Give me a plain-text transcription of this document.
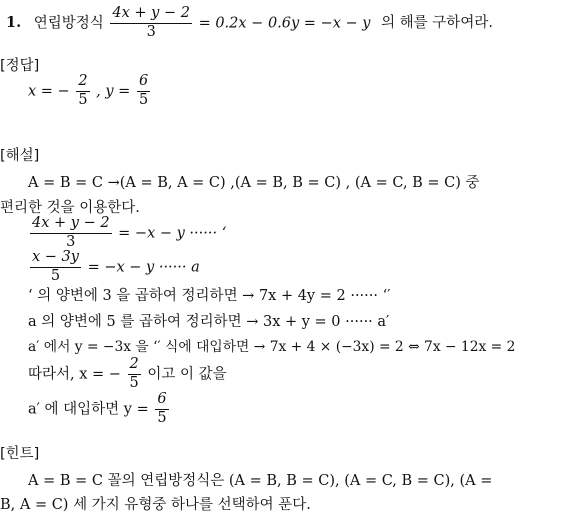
1. 연립방정식 $\frac{4x + y - 2}{3} = 0.2x - 0.6y = -x - y$ 의 해를 구하여라.
[정답]
x = − $\frac{2}{5}$ , $y = \frac{6}{5}$
[해설]
A = B = C →(A = B, A = C) ,(A = B, B = C) , (A = C, B = C) 중
편리한 것을 이용한다.
$\frac{4x + y - 2}{3} = -x - y$ ······ ‘
$\frac{x - 3y}{5} = -x - y$ ······ a
‘ 의 양변에 3 을 곱하여 정리하면 → 7x + 4y = 2 ······ ‘′
a 의 양변에 5 를 곱하여 정리하면 → 3x + y = 0 ······ a′
a′ 에서 y = −3x 을 ‘′ 식에 대입하면 → 7x + 4 × (−3x) = 2 ⇔ 7x − 12x = 2
따라서, x = − $\frac{2}{5}$ 이고 이 값을
a′ 에 대입하면 $y = \frac{6}{5}$
[힌트]
A = B = C 꼴의 연립방정식은 (A = B, B = C), (A = C, B = C), (A =
B, A = C) 세 가지 유형중 하나를 선택하여 푼다.
